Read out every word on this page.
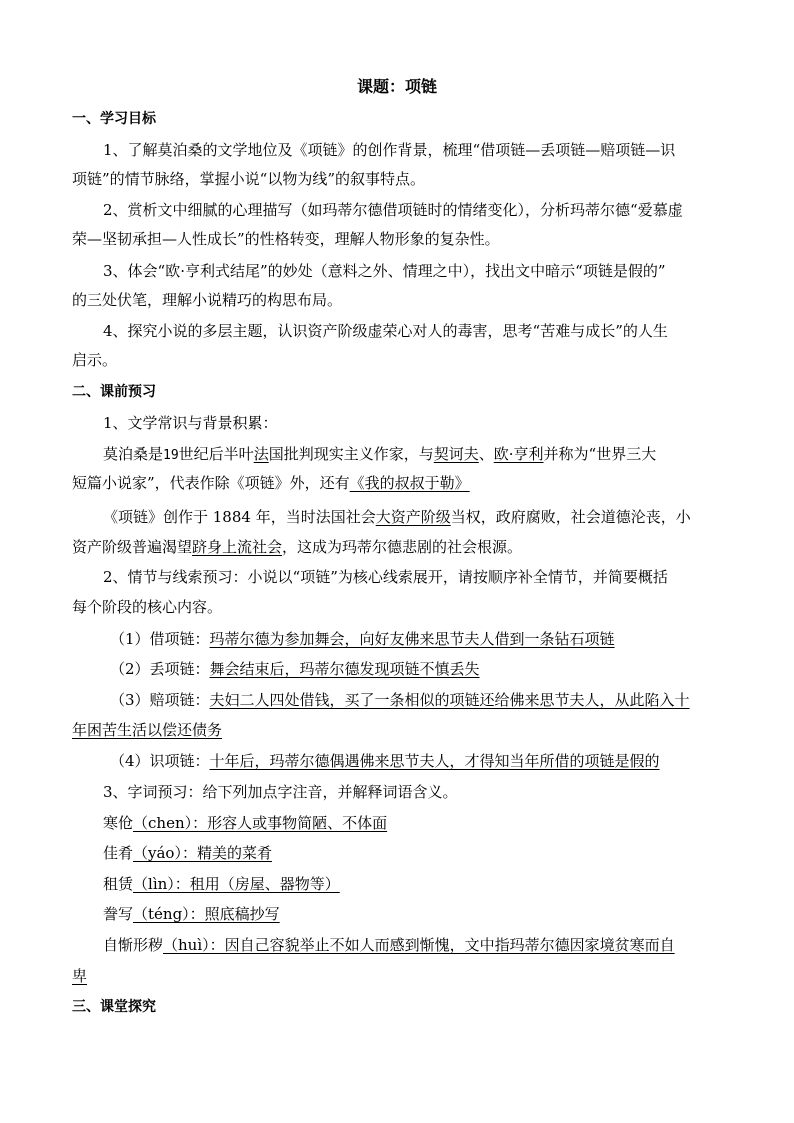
课题：项链
一、学习目标
1、了解莫泊桑的文学地位及《项链》的创作背景，梳理“借项链—丢项链—赔项链—识
项链”的情节脉络，掌握小说“以物为线”的叙事特点。
2、赏析文中细腻的心理描写（如玛蒂尔德借项链时的情绪变化），分析玛蒂尔德“爱慕虚
荣—坚韧承担—人性成长”的性格转变，理解人物形象的复杂性。
3、体会“欧·亨利式结尾”的妙处（意料之外、情理之中），找出文中暗示“项链是假的”
的三处伏笔，理解小说精巧的构思布局。
4、探究小说的多层主题，认识资产阶级虚荣心对人的毒害，思考“苦难与成长”的人生
启示。
二、课前预习
1、文学常识与背景积累：
莫泊桑是19世纪后半叶法国批判现实主义作家，与契诃夫、欧·亨利并称为“世界三大
短篇小说家”，代表作除《项链》外，还有《我的叔叔于勒》
《项链》创作于 1884 年，当时法国社会大资产阶级当权，政府腐败，社会道德沦丧，小
资产阶级普遍渴望跻身上流社会，这成为玛蒂尔德悲剧的社会根源。
2、情节与线索预习：小说以“项链”为核心线索展开，请按顺序补全情节，并简要概括
每个阶段的核心内容。
（1）借项链：玛蒂尔德为参加舞会，向好友佛来思节夫人借到一条钻石项链
（2）丢项链：舞会结束后，玛蒂尔德发现项链不慎丢失
（3）赔项链：夫妇二人四处借钱，买了一条相似的项链还给佛来思节夫人，从此陷入十
年困苦生活以偿还债务
（4）识项链：十年后，玛蒂尔德偶遇佛来思节夫人，才得知当年所借的项链是假的
3、字词预习：给下列加点字注音，并解释词语含义。
寒伧（chen）：形容人或事物简陋、不体面
佳肴（yáo）：精美的菜肴
租赁（lìn）：租用（房屋、器物等）
誊写（téng）：照底稿抄写
自惭形秽（huì）：因自己容貌举止不如人而感到惭愧，文中指玛蒂尔德因家境贫寒而自
卑
三、课堂探究
